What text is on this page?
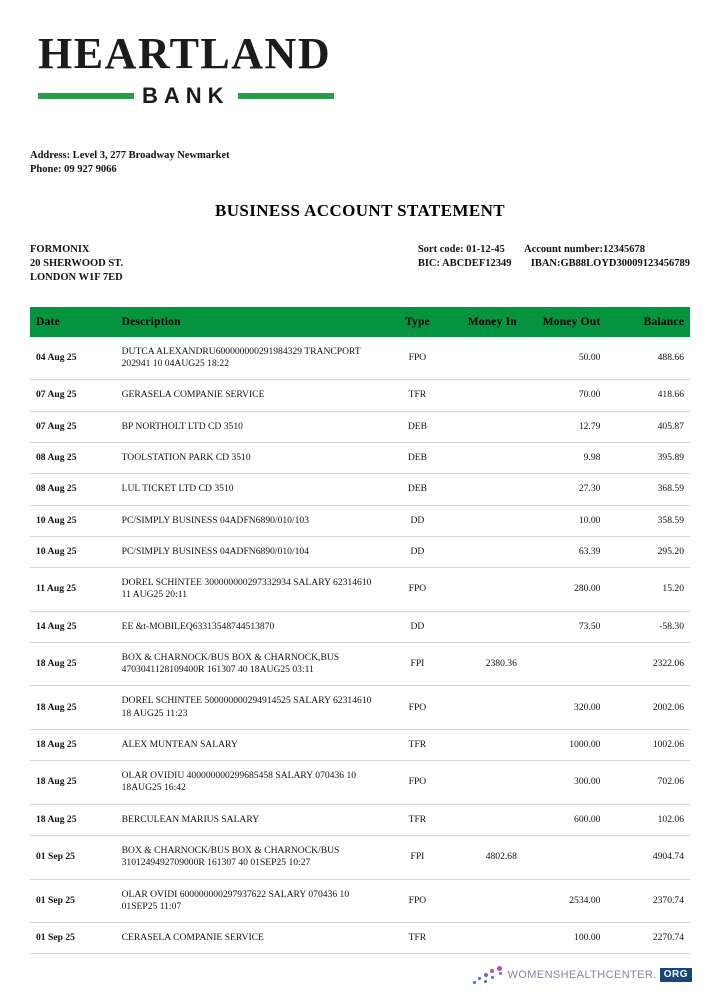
HEARTLAND
BANK
Address: Level 3, 277 Broadway Newmarket
Phone: 09 927 9066
BUSINESS ACCOUNT STATEMENT
FORMONIX
20 SHERWOOD ST.
LONDON W1F 7ED
Sort code: 01-12-45 Account number:12345678
BIC: ABCDEF12349 IBAN:GB88LOYD30009123456789
Date	Description	Type	Money In	Money Out	Balance
04 Aug 25	DUTCA ALEXANDRU600000000291984329 TRANCPORT 202941 10 04AUG25 18:22	FPO		50.00	488.66
07 Aug 25	GERASELA COMPANIE SERVICE	TFR		70.00	418.66
07 Aug 25	BP NORTHOLT LTD CD 3510	DEB		12.79	405.87
08 Aug 25	TOOLSTATION PARK CD 3510	DEB		9.98	395.89
08 Aug 25	LUL TICKET LTD CD 3510	DEB		27.30	368.59
10 Aug 25	PC/SIMPLY BUSINESS 04ADFN6890/010/103	DD		10.00	358.59
10 Aug 25	PC/SIMPLY BUSINESS 04ADFN6890/010/104	DD		63.39	295.20
11 Aug 25	DOREL SCHINTEE 300000000297332934 SALARY 62314610 11 AUG25 20:11	FPO		280.00	15.20
14 Aug 25	EE &t-MOBILEQ63313548744513870	DD		73.50	-58.30
18 Aug 25	BOX & CHARNOCK/BUS BOX & CHARNOCK,BUS 4703041128109400R 161307 40 18AUG25 03:11	FPI	2380.36		2322.06
18 Aug 25	DOREL SCHINTEE 500000000294914525 SALARY 62314610 18 AUG25 11:23	FPO		320.00	2002.06
18 Aug 25	ALEX MUNTEAN SALARY	TFR		1000.00	1002.06
18 Aug 25	OLAR OVIDIU 400000000299685458 SALARY 070436 10 18AUG25 16:42	FPO		300.00	702.06
18 Aug 25	BERCULEAN MARIUS SALARY	TFR		600.00	102.06
01 Sep 25	BOX & CHARNOCK/BUS BOX & CHARNOCK/BUS 3101249492709000R 161307 40 01SEP25 10:27	FPI	4802.68		4904.74
01 Sep 25	OLAR OVIDI 600000000297937622 SALARY 070436 10 01SEP25 11:07	FPO		2534.00	2370.74
01 Sep 25	CERASELA COMPANIE SERVICE	TFR		100.00	2270.74
WOMENSHEALTHCENTER. ORG
